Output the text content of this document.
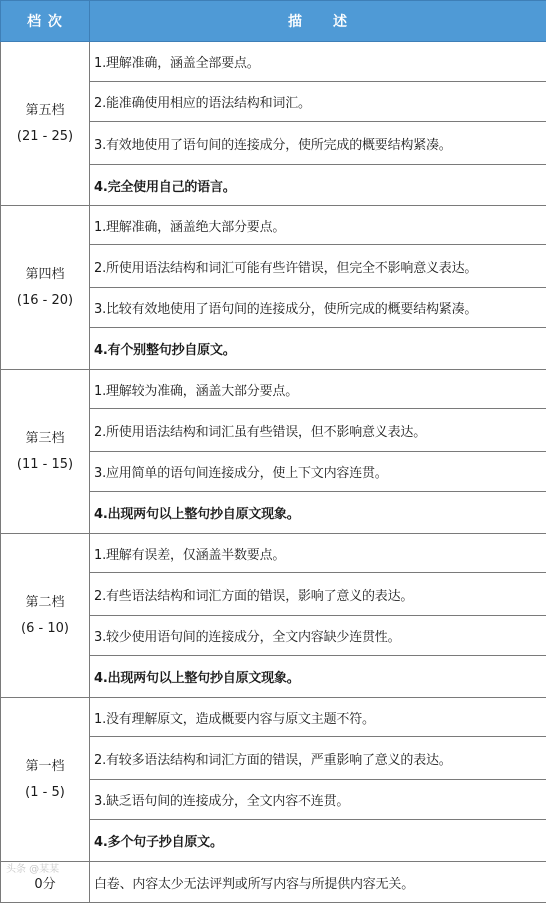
档 次	描　　述

第五档
(21 - 25)	1.理解准确，涵盖全部要点。
	2.能准确使用相应的语法结构和词汇。
	3.有效地使用了语句间的连接成分，使所完成的概要结构紧凑。
	4.完全使用自己的语言。

第四档
(16 - 20)	1.理解准确，涵盖绝大部分要点。
	2.所使用语法结构和词汇可能有些许错误，但完全不影响意义表达。
	3.比较有效地使用了语句间的连接成分，使所完成的概要结构紧凑。
	4.有个别整句抄自原文。

第三档
(11 - 15)	1.理解较为准确，涵盖大部分要点。
	2.所使用语法结构和词汇虽有些错误，但不影响意义表达。
	3.应用简单的语句间连接成分，使上下文内容连贯。
	4.出现两句以上整句抄自原文现象。

第二档
(6 - 10)	1.理解有误差，仅涵盖半数要点。
	2.有些语法结构和词汇方面的错误，影响了意义的表达。
	3.较少使用语句间的连接成分，全文内容缺少连贯性。
	4.出现两句以上整句抄自原文现象。

第一档
(1 - 5)	1.没有理解原文，造成概要内容与原文主题不符。
	2.有较多语法结构和词汇方面的错误，严重影响了意义的表达。
	3.缺乏语句间的连接成分，全文内容不连贯。
	4.多个句子抄自原文。
0分	白卷、内容太少无法评判或所写内容与所提供内容无关。
头条 @某某
